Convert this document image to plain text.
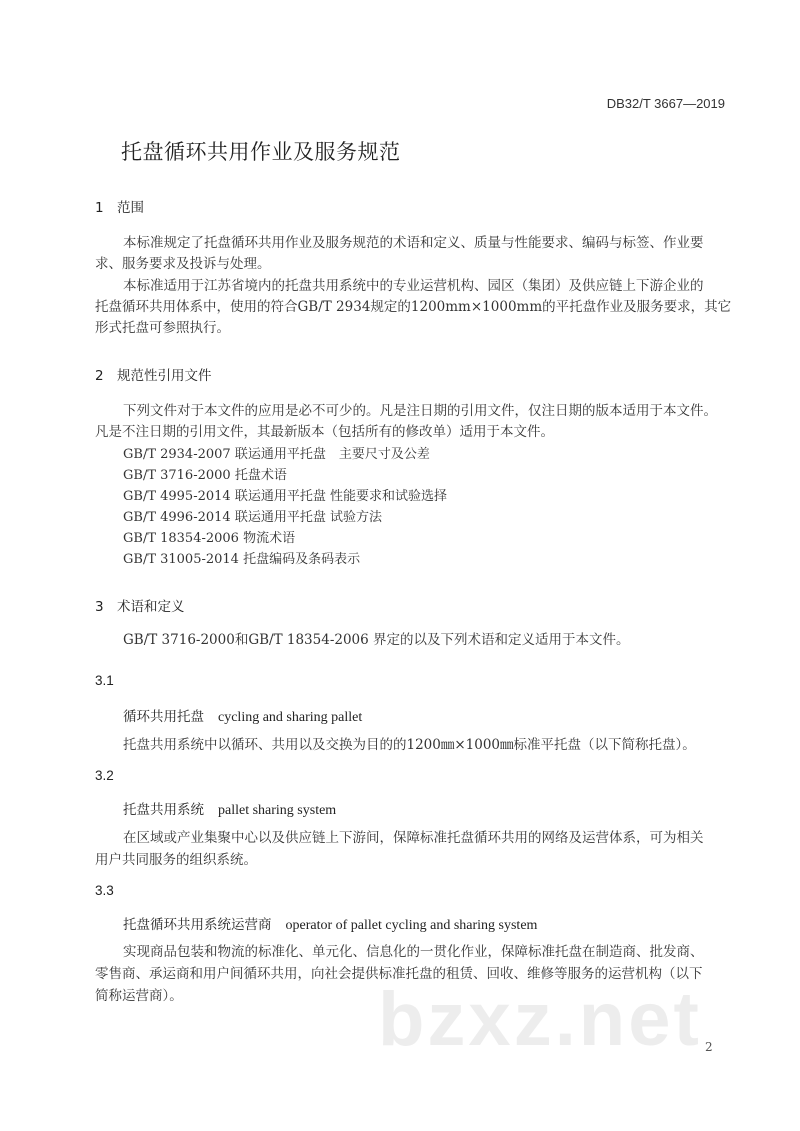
DB32/T 3667—2019
托盘循环共用作业及服务规范
1 范围
本标准规定了托盘循环共用作业及服务规范的术语和定义、质量与性能要求、编码与标签、作业要
求、服务要求及投诉与处理。
本标准适用于江苏省境内的托盘共用系统中的专业运营机构、园区（集团）及供应链上下游企业的
托盘循环共用体系中，使用的符合GB/T 2934规定的1200mm×1000mm的平托盘作业及服务要求，其它
形式托盘可参照执行。
2 规范性引用文件
下列文件对于本文件的应用是必不可少的。凡是注日期的引用文件，仅注日期的版本适用于本文件。
凡是不注日期的引用文件，其最新版本（包括所有的修改单）适用于本文件。
GB/T 2934-2007 联运通用平托盘　主要尺寸及公差
GB/T 3716-2000 托盘术语
GB/T 4995-2014 联运通用平托盘 性能要求和试验选择
GB/T 4996-2014 联运通用平托盘 试验方法
GB/T 18354-2006 物流术语
GB/T 31005-2014 托盘编码及条码表示
3 术语和定义
GB/T 3716-2000和GB/T 18354-2006 界定的以及下列术语和定义适用于本文件。
3.1
循环共用托盘 cycling and sharing pallet
托盘共用系统中以循环、共用以及交换为目的的1200㎜×1000㎜标准平托盘（以下简称托盘）。
3.2
托盘共用系统 pallet sharing system
在区域或产业集聚中心以及供应链上下游间，保障标准托盘循环共用的网络及运营体系，可为相关
用户共同服务的组织系统。
3.3
托盘循环共用系统运营商 operator of pallet cycling and sharing system
实现商品包装和物流的标准化、单元化、信息化的一贯化作业，保障标准托盘在制造商、批发商、
零售商、承运商和用户间循环共用，向社会提供标准托盘的租赁、回收、维修等服务的运营机构（以下
简称运营商）。	bzxz.net 2
